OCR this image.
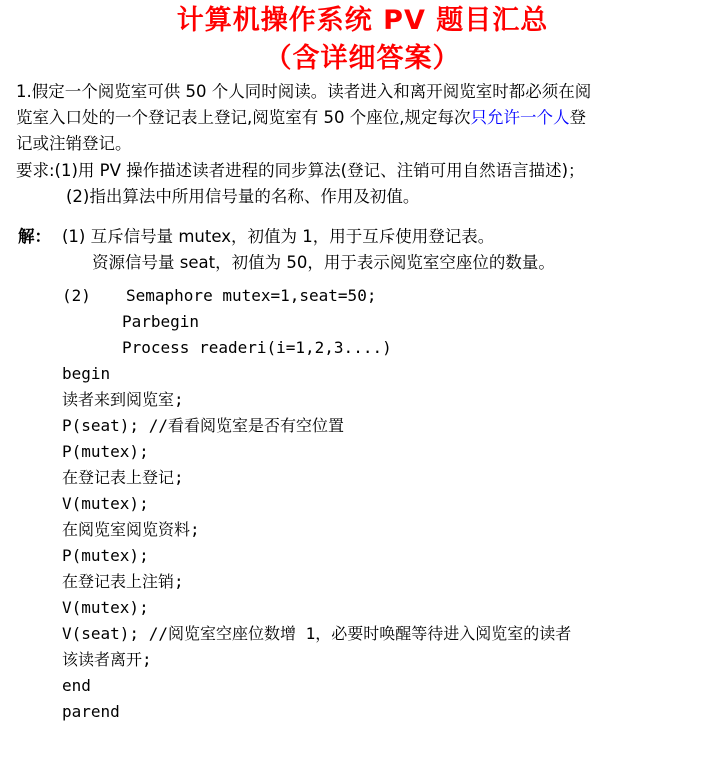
计算机操作系统 PV 题目汇总
（含详细答案）
1.假定一个阅览室可供 50 个人同时阅读。读者进入和离开阅览室时都必须在阅
览室入口处的一个登记表上登记,阅览室有 50 个座位,规定每次只允许一个人登
记或注销登记。
要求:(1)用 PV 操作描述读者进程的同步算法(登记、注销可用自然语言描述)；
(2)指出算法中所用信号量的名称、作用及初值。
解： (1) 互斥信号量 mutex，初值为 1，用于互斥使用登记表。
资源信号量 seat，初值为 50，用于表示阅览室空座位的数量。
(2) Semaphore mutex=1,seat=50;
Parbegin
Process readeri(i=1,2,3....)
begin
读者来到阅览室;
P(seat); //看看阅览室是否有空位置
P(mutex);
在登记表上登记;
V(mutex);
在阅览室阅览资料;
P(mutex);
在登记表上注销;
V(mutex);
V(seat); //阅览室空座位数增 1，必要时唤醒等待进入阅览室的读者
该读者离开;
end
parend
